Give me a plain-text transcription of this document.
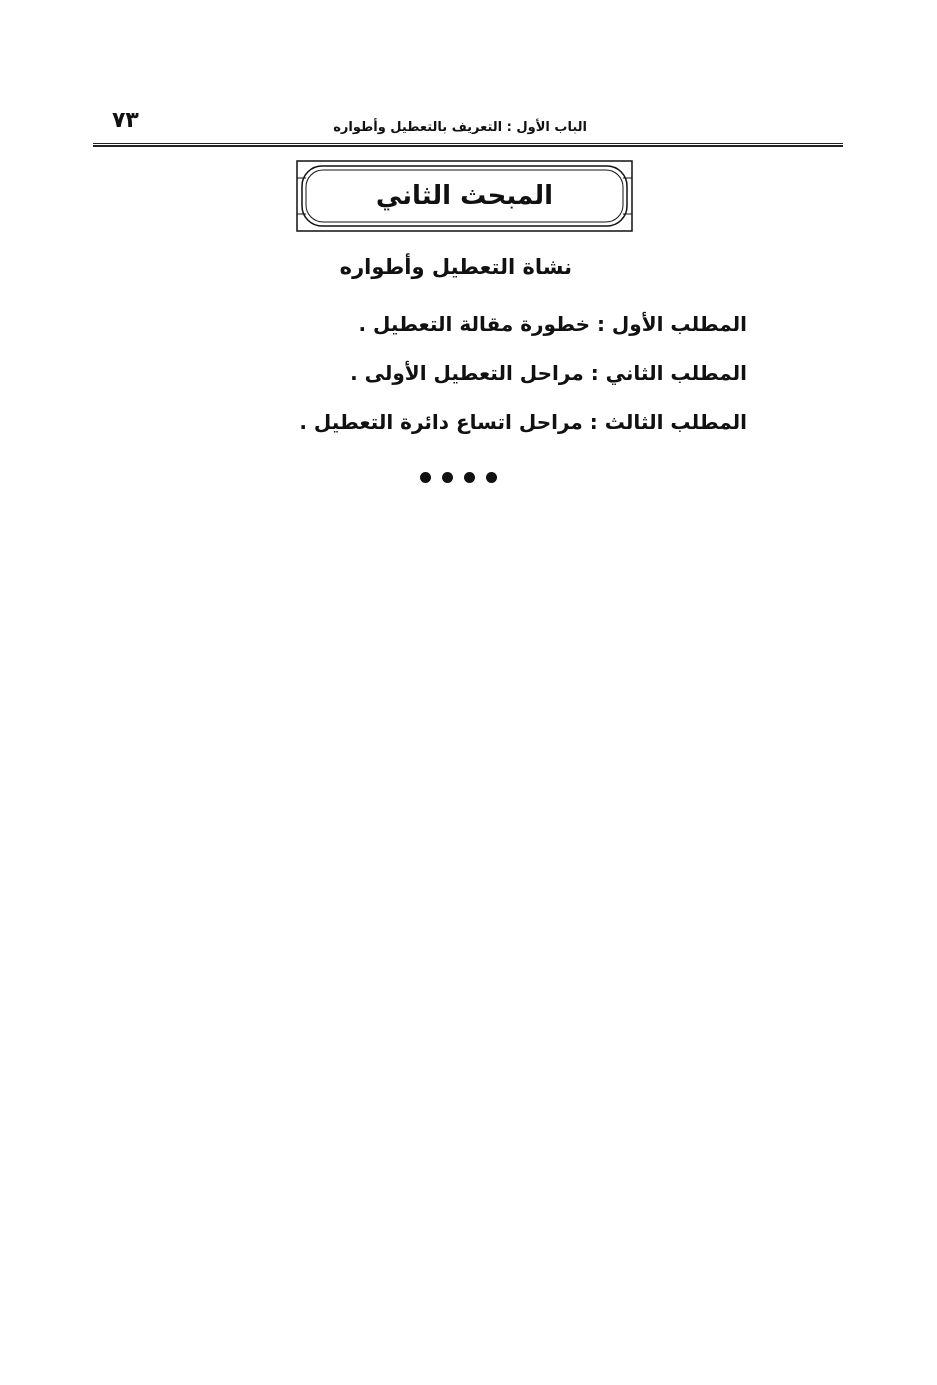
٧٣	الباب الأول : التعريف بالتعطيل وأطواره
المبحث الثاني
نشاة التعطيل وأطواره
المطلب الأول : خطورة مقالة التعطيل .
المطلب الثاني : مراحل التعطيل الأولى .
المطلب الثالث : مراحل اتساع دائرة التعطيل .
